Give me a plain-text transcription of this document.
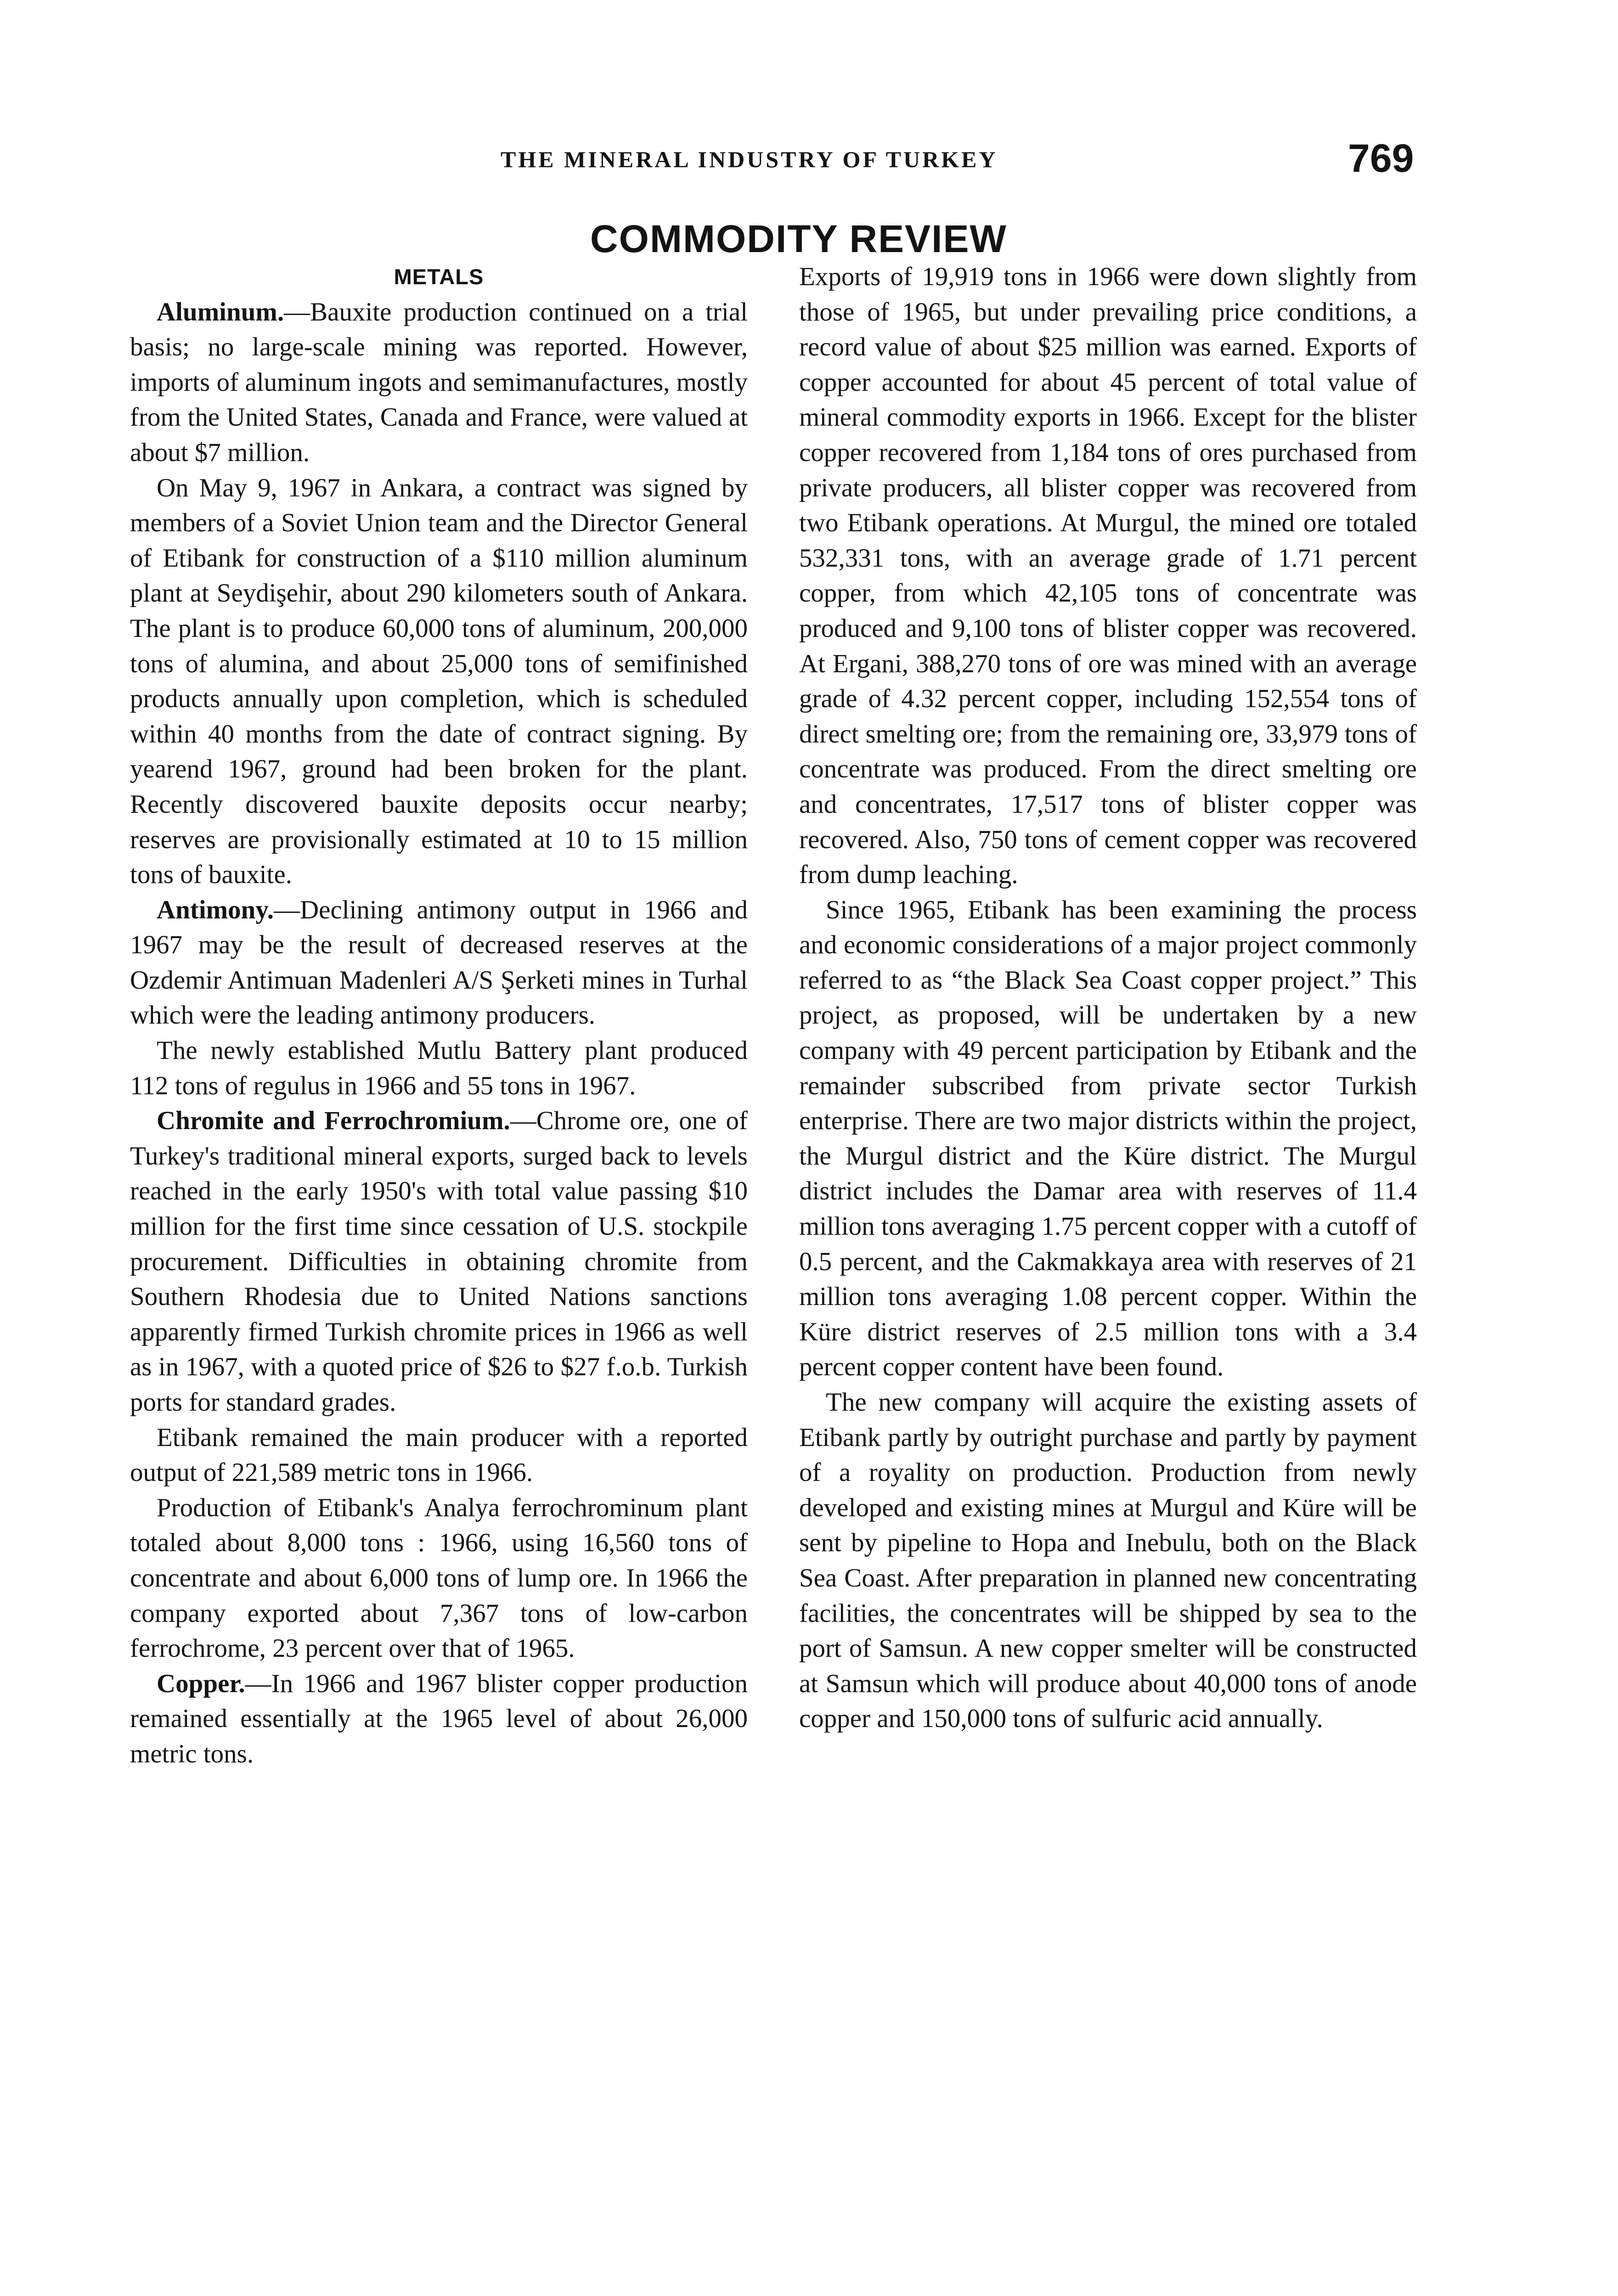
THE MINERAL INDUSTRY OF TURKEY	769
COMMODITY REVIEW
METALS

Aluminum.—Bauxite production continued on a trial basis; no large-scale mining was reported. However, imports of aluminum ingots and semimanufactures, mostly from the United States, Canada and France, were valued at about $7 million.

On May 9, 1967 in Ankara, a contract was signed by members of a Soviet Union team and the Director General of Etibank for construction of a $110 million aluminum plant at Seydişehir, about 290 kilometers south of Ankara. The plant is to produce 60,000 tons of aluminum, 200,000 tons of alumina, and about 25,000 tons of semifinished products annually upon completion, which is scheduled within 40 months from the date of contract signing. By yearend 1967, ground had been broken for the plant. Recently discovered bauxite deposits occur nearby; reserves are provisionally estimated at 10 to 15 million tons of bauxite.

Antimony.—Declining antimony output in 1966 and 1967 may be the result of decreased reserves at the Ozdemir Antimuan Madenleri A/S Şerketi mines in Turhal which were the leading antimony producers.

The newly established Mutlu Battery plant produced 112 tons of regulus in 1966 and 55 tons in 1967.

Chromite and Ferrochromium.—Chrome ore, one of Turkey's traditional mineral exports, surged back to levels reached in the early 1950's with total value passing $10 million for the first time since cessation of U.S. stockpile procurement. Difficulties in obtaining chromite from Southern Rhodesia due to United Nations sanctions apparently firmed Turkish chromite prices in 1966 as well as in 1967, with a quoted price of $26 to $27 f.o.b. Turkish ports for standard grades.

Etibank remained the main producer with a reported output of 221,589 metric tons in 1966.

Production of Etibank's Analya ferrochrominum plant totaled about 8,000 tons : 1966, using 16,560 tons of concentrate and about 6,000 tons of lump ore. In 1966 the company exported about 7,367 tons of low-carbon ferrochrome, 23 percent over that of 1965.

Copper.—In 1966 and 1967 blister copper production remained essentially at the 1965 level of about 26,000 metric tons.

Exports of 19,919 tons in 1966 were down slightly from those of 1965, but under prevailing price conditions, a record value of about $25 million was earned. Exports of copper accounted for about 45 percent of total value of mineral commodity exports in 1966. Except for the blister copper recovered from 1,184 tons of ores purchased from private producers, all blister copper was recovered from two Etibank operations. At Murgul, the mined ore totaled 532,331 tons, with an average grade of 1.71 percent copper, from which 42,105 tons of concentrate was produced and 9,100 tons of blister copper was recovered. At Ergani, 388,270 tons of ore was mined with an average grade of 4.32 percent copper, including 152,554 tons of direct smelting ore; from the remaining ore, 33,979 tons of concentrate was produced. From the direct smelting ore and concentrates, 17,517 tons of blister copper was recovered. Also, 750 tons of cement copper was recovered from dump leaching.

Since 1965, Etibank has been examining the process and economic considerations of a major project commonly referred to as “the Black Sea Coast copper project.” This project, as proposed, will be undertaken by a new company with 49 percent participation by Etibank and the remainder subscribed from private sector Turkish enterprise. There are two major districts within the project, the Murgul district and the Küre district. The Murgul district includes the Damar area with reserves of 11.4 million tons averaging 1.75 percent copper with a cutoff of 0.5 percent, and the Cakmakkaya area with reserves of 21 million tons averaging 1.08 percent copper. Within the Küre district reserves of 2.5 million tons with a 3.4 percent copper content have been found.

The new company will acquire the existing assets of Etibank partly by outright purchase and partly by payment of a royality on production. Production from newly developed and existing mines at Murgul and Küre will be sent by pipeline to Hopa and Inebulu, both on the Black Sea Coast. After preparation in planned new concentrating facilities, the concentrates will be shipped by sea to the port of Samsun. A new copper smelter will be constructed at Samsun which will produce about 40,000 tons of anode copper and 150,000 tons of sulfuric acid annually.
